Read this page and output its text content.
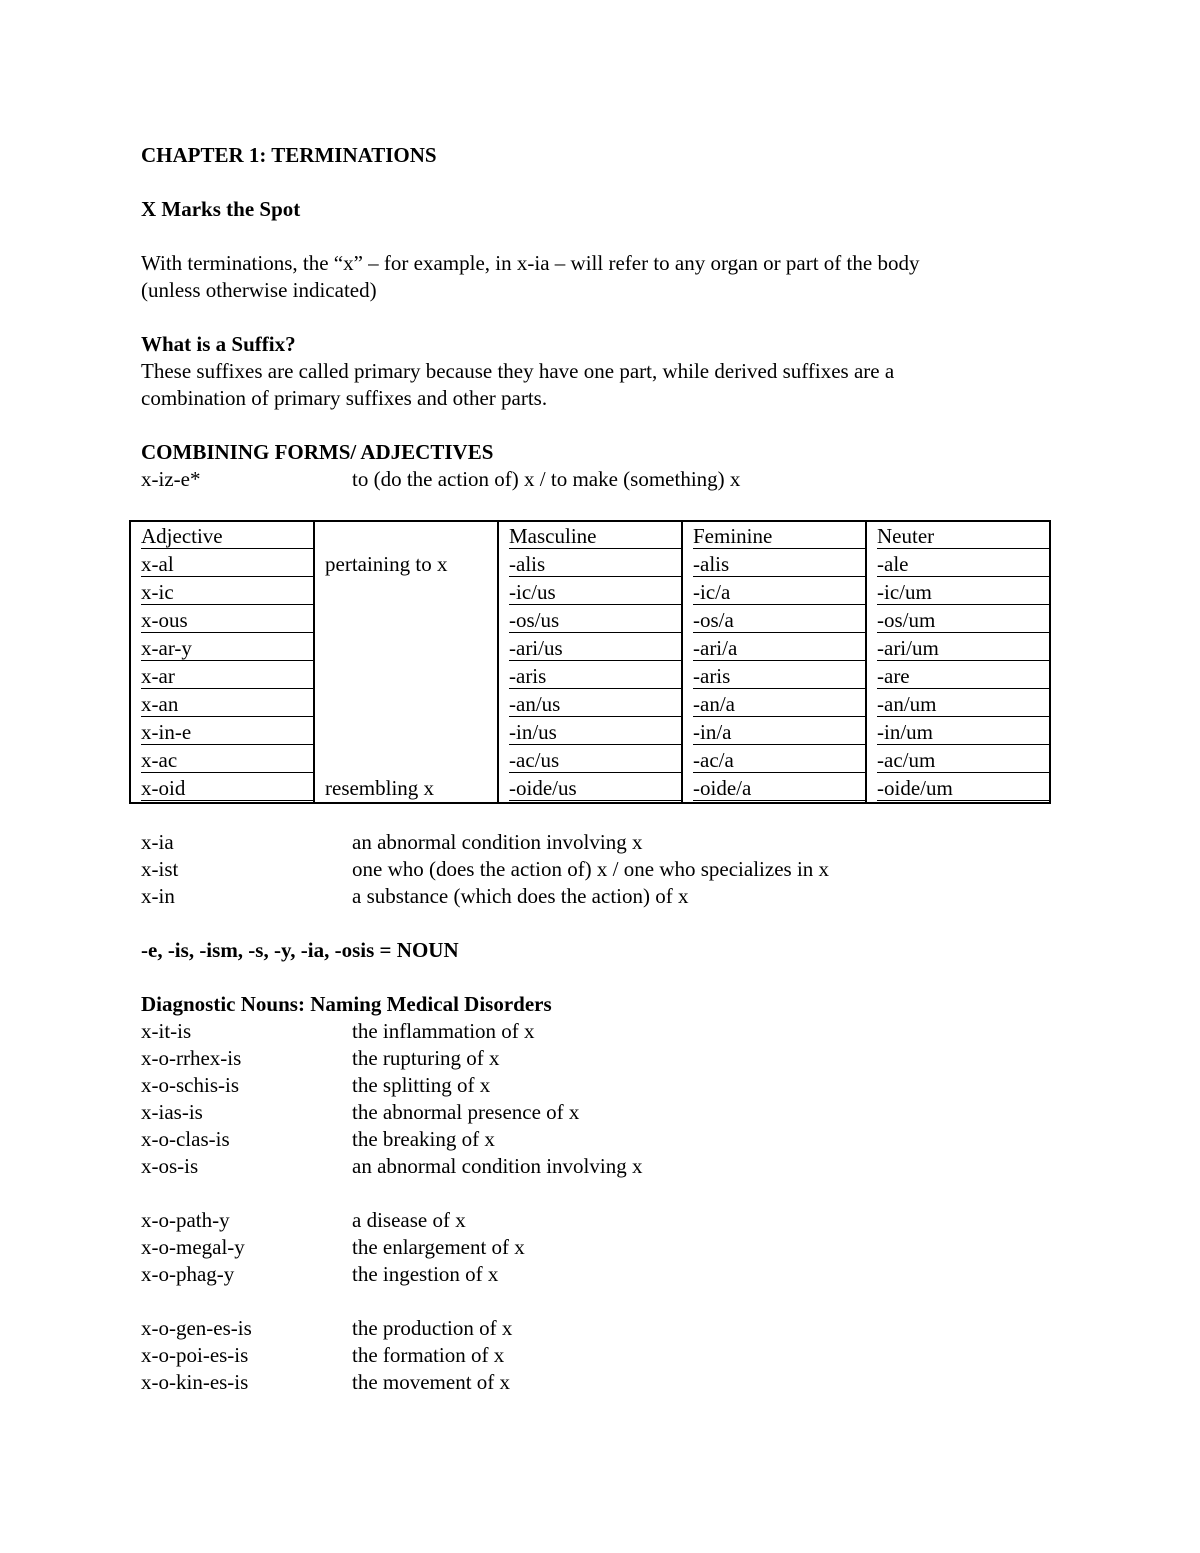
CHAPTER 1: TERMINATIONS
X Marks the Spot
With terminations, the “x” – for example, in x-ia – will refer to any organ or part of the body
(unless otherwise indicated)
What is a Suffix?
These suffixes are called primary because they have one part, while derived suffixes are a
combination of primary suffixes and other parts.
COMBINING FORMS/ ADJECTIVES
x-iz-e*	to (do the action of) x / to make (something) x
Adjective		Masculine	Feminine	Neuter

x-al	pertaining to x	-alis	-alis	-ale

x-ic		-ic/us	-ic/a	-ic/um

x-ous		-os/us	-os/a	-os/um

x-ar-y		-ari/us	-ari/a	-ari/um

x-ar		-aris	-aris	-are

x-an		-an/us	-an/a	-an/um

x-in-e		-in/us	-in/a	-in/um

x-ac		-ac/us	-ac/a	-ac/um

x-oid	resembling x	-oide/us	-oide/a	-oide/um
x-ia	an abnormal condition involving x
x-ist	one who (does the action of) x / one who specializes in x
x-in	a substance (which does the action) of x
-e, -is, -ism, -s, -y, -ia, -osis = NOUN
Diagnostic Nouns: Naming Medical Disorders
x-it-is	the inflammation of x
x-o-rrhex-is	the rupturing of x
x-o-schis-is	the splitting of x
x-ias-is	the abnormal presence of x
x-o-clas-is	the breaking of x
x-os-is	an abnormal condition involving x
x-o-path-y	a disease of x
x-o-megal-y	the enlargement of x
x-o-phag-y	the ingestion of x
x-o-gen-es-is	the production of x
x-o-poi-es-is	the formation of x
x-o-kin-es-is	the movement of x
